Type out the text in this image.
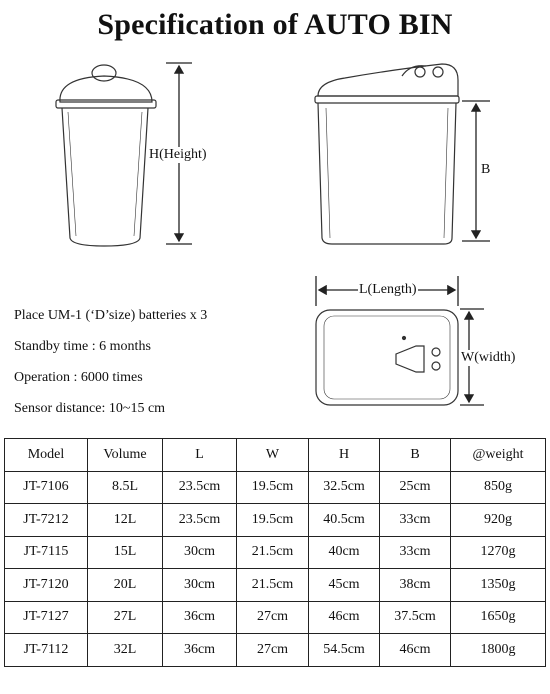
Specification of AUTO BIN
H(Height)
B
L(Length)
W(width)
Place UM-1 (‘D’size) batteries x 3
Standby time : 6 months
Operation : 6000 times
Sensor distance: 10~15 cm
Model	Volume	L	W	H	B	@weight
JT-7106	8.5L	23.5cm	19.5cm	32.5cm	25cm	850g
JT-7212	12L	23.5cm	19.5cm	40.5cm	33cm	920g
JT-7115	15L	30cm	21.5cm	40cm	33cm	1270g
JT-7120	20L	30cm	21.5cm	45cm	38cm	1350g
JT-7127	27L	36cm	27cm	46cm	37.5cm	1650g
JT-7112	32L	36cm	27cm	54.5cm	46cm	1800g
